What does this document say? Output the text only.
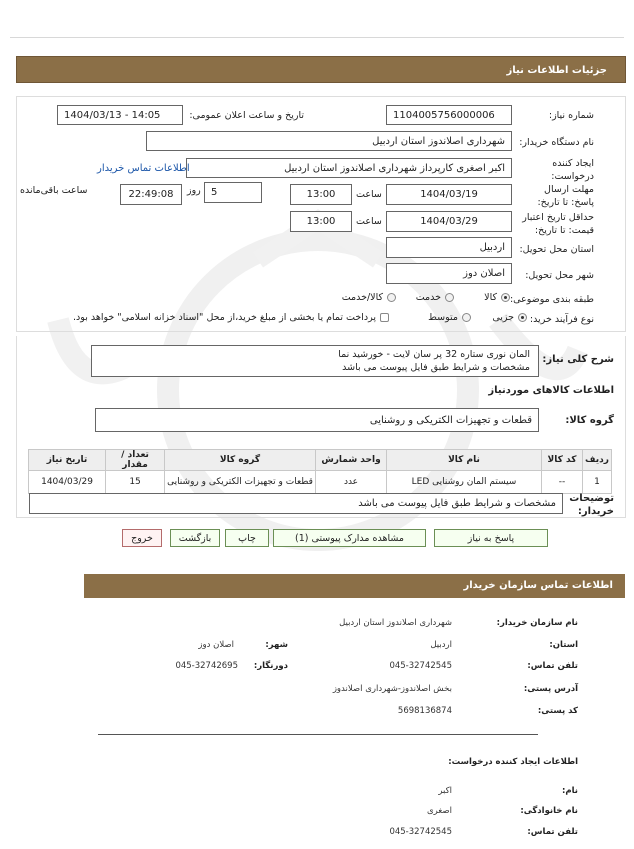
جزئیات اطلاعات نیاز
شماره نیاز:
1104005756000006
تاریخ و ساعت اعلان عمومی:
1404/03/13 - 14:05
نام دستگاه خریدار:
شهرداری اصلاندوز استان اردبیل
ایجاد کننده درخواست:
اکبر اصغری کارپرداز شهرداری اصلاندوز استان اردبیل
اطلاعات تماس خریدار
مهلت ارسال پاسخ: تا تاریخ:
1404/03/19
ساعت
13:00
5
روز
22:49:08
ساعت باقی‌مانده
حداقل تاریخ اعتبار قیمت: تا تاریخ:
1404/03/29
ساعت
13:00
استان محل تحویل:
اردبیل
شهر محل تحویل:
اصلان دوز
طبقه بندی موضوعی:
کالا
خدمت
کالا/خدمت
نوع فرآیند خرید:
جزیی
متوسط
پرداخت تمام یا بخشی از مبلغ خرید،از محل "اسناد خزانه اسلامی" خواهد بود.
شرح کلی نیاز:
المان نوری ستاره 32 پر سان لایت - خورشید نما
مشخصات و شرایط طبق فایل پیوست می باشد
اطلاعات کالاهای موردنیاز
گروه کالا:
قطعات و تجهیزات الکتریکی و روشنایی
ردیف	کد کالا	نام کالا	واحد شمارش	گروه کالا	تعداد / مقدار	تاریخ نیاز
1	--	سیستم المان روشنایی LED	عدد	قطعات و تجهیزات الکتریکی و روشنایی	15	1404/03/29
توضیحات خریدار:
مشخصات و شرایط طبق فایل پیوست می باشد
پاسخ به نیاز
مشاهده مدارک پیوستی (1)
چاپ
بازگشت
خروج
اطلاعات تماس سازمان خریدار
نام سازمان خریدار:
شهرداری اصلاندوز استان اردبیل
استان:
اردبیل
شهر:
اصلان دوز
تلفن تماس:
045-32742545
دورنگار:
045-32742695
آدرس پستی:
بخش اصلاندوز-شهرداری اصلاندوز
کد پستی:
5698136874
اطلاعات ایجاد کننده درخواست:
نام:
اکبر
نام خانوادگی:
اصغری
تلفن تماس:
045-32742545
